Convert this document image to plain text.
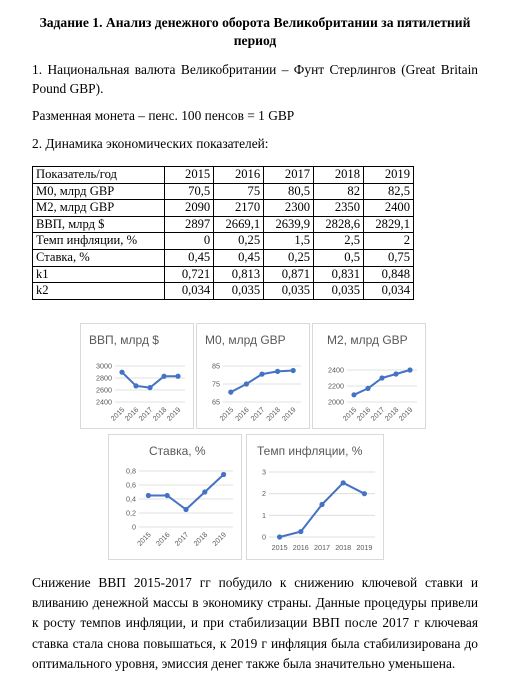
Задание 1. Анализ денежного оборота Великобритании за пятилетний период
1. Национальная валюта Великобритании – Фунт Стерлингов (Great Britain Pound GBP).
Разменная монета – пенс. 100 пенсов = 1 GBP
2. Динамика экономических показателей:
Показатель/год	2015	2016	2017	2018	2019
М0, млрд GBP	70,5	75	80,5	82	82,5
М2, млрд GBP	2090	2170	2300	2350	2400
ВВП, млрд $	2897	2669,1	2639,9	2828,6	2829,1
Темп инфляции, %	0	0,25	1,5	2,5	2
Ставка, %	0,45	0,45	0,25	0,5	0,75
k1	0,721	0,813	0,871	0,831	0,848
k2	0,034	0,035	0,035	0,035	0,034
ВВП, млрд $
2400
2600
2800
3000
2015
2016
2017
2018
2019
М0, млрд GBP
65
75
85
2015
2016
2017
2018
2019
М2, млрд GBP
2000
2200
2400
2015
2016
2017
2018
2019
Ставка, %
0
0,2
0,4
0,6
0,8
2015 2016 2017 2018 2019
Темп инфляции, %
0
1
2
3
2015 2016 2017 2018 2019
Снижение ВВП 2015-2017 гг побудило к снижению ключевой ставки и вливанию денежной массы в экономику страны. Данные процедуры привели к росту темпов инфляции, и при стабилизации ВВП после 2017 г ключевая ставка стала снова повышаться, к 2019 г инфляция была стабилизирована до оптимального уровня, эмиссия денег также была значительно уменьшена.
